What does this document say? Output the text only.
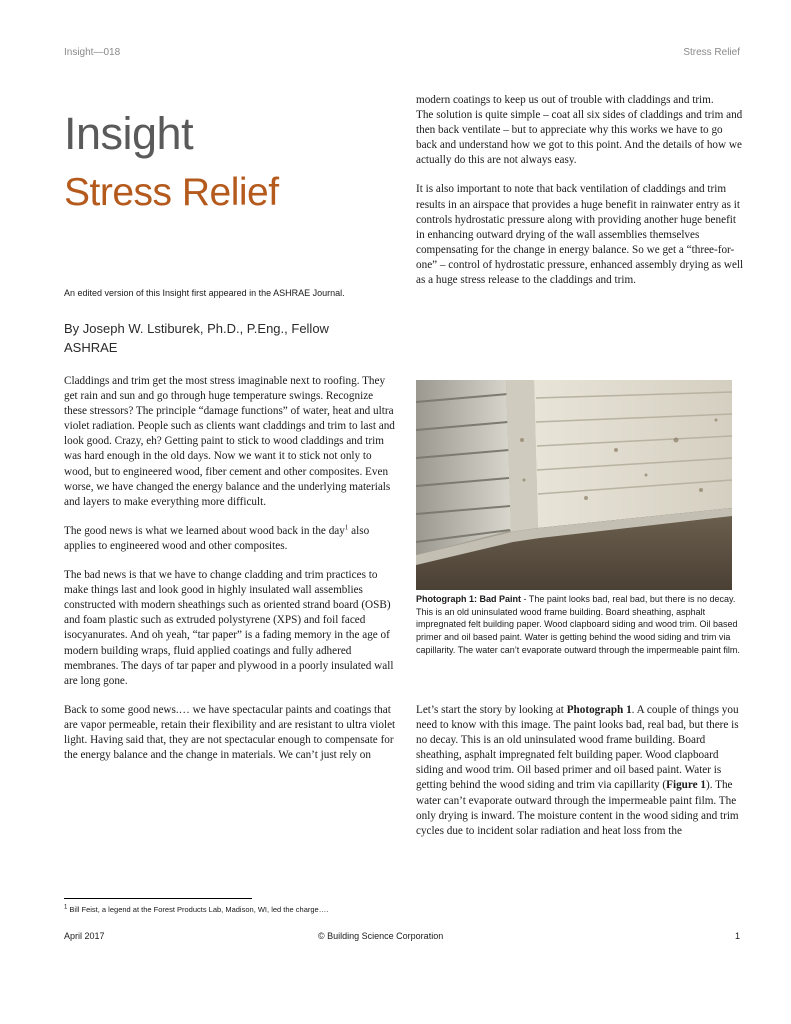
Insight—018	Stress Relief
Insight
Stress Relief
An edited version of this Insight first appeared in the ASHRAE Journal.
By Joseph W. Lstiburek, Ph.D., P.Eng., Fellow ASHRAE

Claddings and trim get the most stress imaginable next to roofing. They get rain and sun and go through huge temperature swings. Recognize these stressors? The principle “damage functions” of water, heat and ultra violet radiation. People such as clients want claddings and trim to last and look good. Crazy, eh? Getting paint to stick to wood claddings and trim was hard enough in the old days. Now we want it to stick not only to wood, but to engineered wood, fiber cement and other composites. Even worse, we have changed the energy balance and the underlying materials and layers to make everything more difficult.

The good news is what we learned about wood back in the day$^1$ also applies to engineered wood and other composites.

The bad news is that we have to change cladding and trim practices to make things last and look good in highly insulated wall assemblies constructed with modern sheathings such as oriented strand board (OSB) and foam plastic such as extruded polystyrene (XPS) and foil faced isocyanurates. And oh yeah, “tar paper” is a fading memory in the age of modern building wraps, fluid applied coatings and fully adhered membranes. The days of tar paper and plywood in a poorly insulated wall are long gone.

Back to some good news.… we have spectacular paints and coatings that are vapor permeable, retain their flexibility and are resistant to ultra violet light. Having said that, they are not spectacular enough to compensate for the energy balance and the change in materials. We can’t just rely on

modern coatings to keep us out of trouble with claddings and trim.

The solution is quite simple – coat all six sides of claddings and trim and then back ventilate – but to appreciate why this works we have to go back and understand how we got to this point. And the details of how we actually do this are not always easy.

It is also important to note that back ventilation of claddings and trim results in an airspace that provides a huge benefit in rainwater entry as it controls hydrostatic pressure along with providing another huge benefit in enhancing outward drying of the wall assemblies themselves compensating for the change in energy balance. So we get a “three-for-one” – control of hydrostatic pressure, enhanced assembly drying as well as a huge stress release to the claddings and trim.

Photograph 1: Bad Paint - The paint looks bad, real bad, but there is no decay. This is an old uninsulated wood frame building. Board sheathing, asphalt impregnated felt building paper. Wood clapboard siding and wood trim. Oil based primer and oil based paint. Water is getting behind the wood siding and trim via capillarity. The water can’t evaporate outward through the impermeable paint film.

Let’s start the story by looking at Photograph 1. A couple of things you need to know with this image. The paint looks bad, real bad, but there is no decay. This is an old uninsulated wood frame building. Board sheathing, asphalt impregnated felt building paper. Wood clapboard siding and wood trim. Oil based primer and oil based paint. Water is getting behind the wood siding and trim via capillarity (Figure 1). The water can’t evaporate outward through the impermeable paint film. The only drying is inward. The moisture content in the wood siding and trim cycles due to incident solar radiation and heat loss from the

$^1$ Bill Feist, a legend at the Forest Products Lab, Madison, WI, led the charge….
April 2017	© Building Science Corporation	1
